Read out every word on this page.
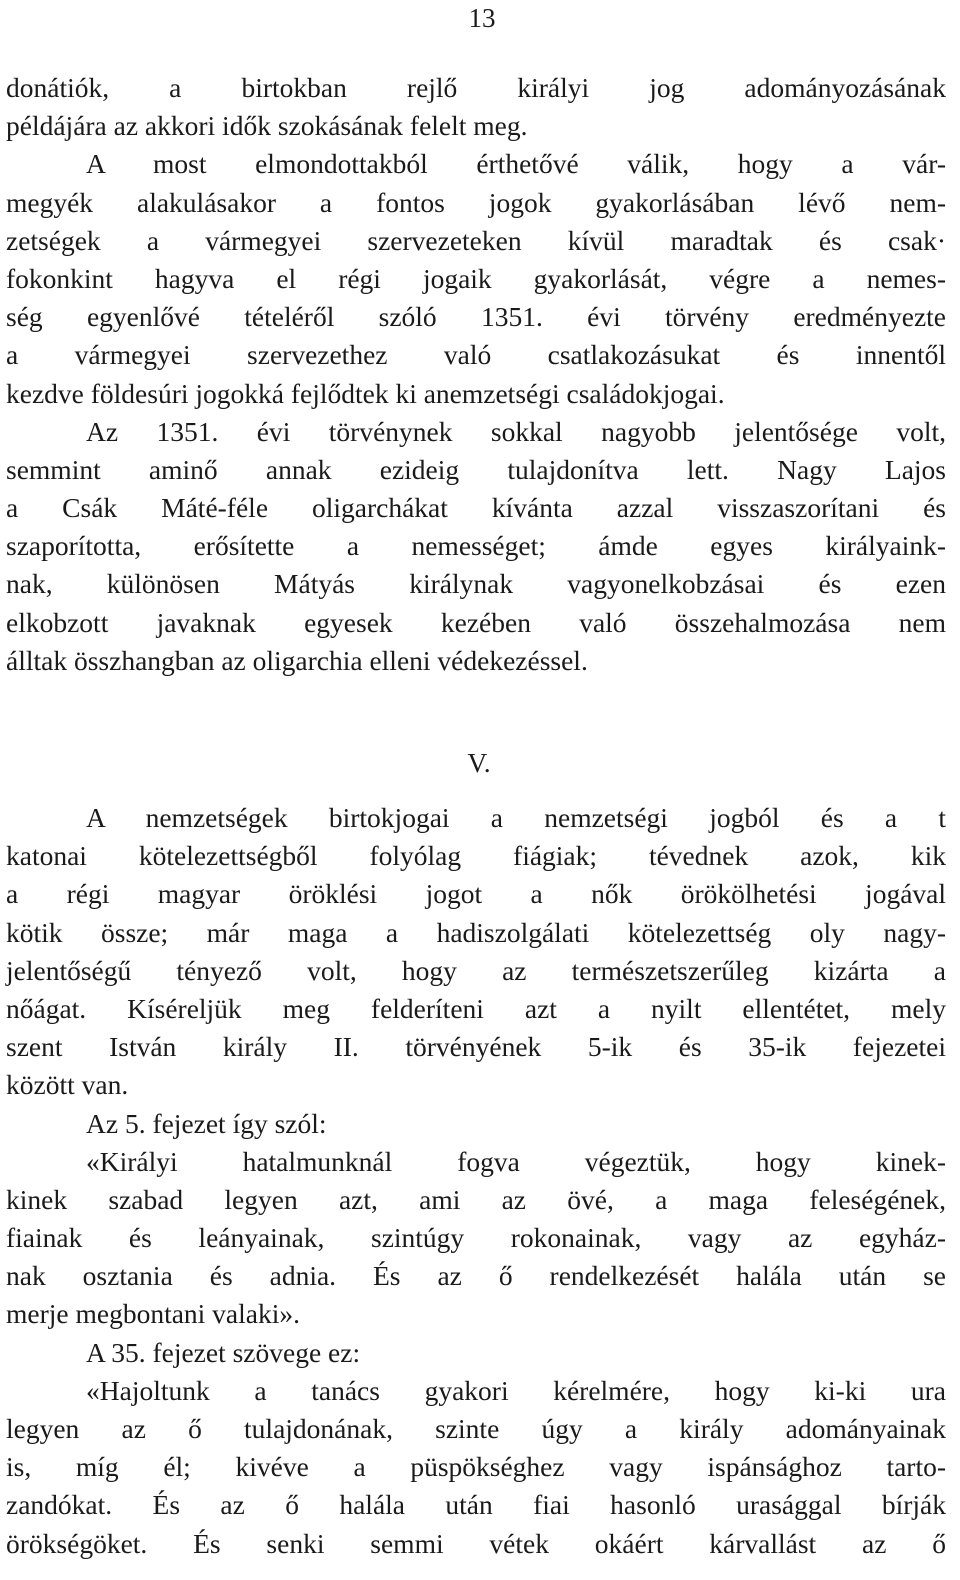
13
donátiók, a birtokban rejlő királyi jog adományozásának
példájára az akkori idők szokásának felelt meg.
A most elmondottakból érthetővé válik, hogy a vár-
megyék alakulásakor a fontos jogok gyakorlásában lévő nem-
zetségek a vármegyei szervezeteken kívül maradtak és csak·
fokonkint hagyva el régi jogaik gyakorlását, végre a nemes-
ség egyenlővé tételéről szóló 1351. évi törvény eredményezte
a vármegyei szervezethez való csatlakozásukat és innentől
kezdve földesúri jogokká fejlődtek ki anemzetségi családokjogai.
Az 1351. évi törvénynek sokkal nagyobb jelentősége volt,
semmint aminő annak ezideig tulajdonítva lett. Nagy Lajos
a Csák Máté-féle oligarchákat kívánta azzal visszaszorítani és
szaporította, erősítette a nemességet; ámde egyes királyaink-
nak, különösen Mátyás királynak vagyonelkobzásai és ezen
elkobzott javaknak egyesek kezében való összehalmozása nem
álltak összhangban az oligarchia elleni védekezéssel.
V.
A nemzetségek birtokjogai a nemzetségi jogból és a t
katonai kötelezettségből folyólag fiágiak; tévednek azok, kik
a régi magyar öröklési jogot a nők örökölhetési jogával
kötik össze; már maga a hadiszolgálati kötelezettség oly nagy-
jelentőségű tényező volt, hogy az természetszerűleg kizárta a
nőágat. Kíséreljük meg felderíteni azt a nyilt ellentétet, mely
szent István király II. törvényének 5-ik és 35-ik fejezetei
között van.
Az 5. fejezet így szól:
«Királyi hatalmunknál fogva végeztük, hogy kinek-
kinek szabad legyen azt, ami az övé, a maga feleségének,
fiainak és leányainak, szintúgy rokonainak, vagy az egyház-
nak osztania és adnia. És az ő rendelkezését halála után se
merje megbontani valaki».
A 35. fejezet szövege ez:
«Hajoltunk a tanács gyakori kérelmére, hogy ki-ki ura
legyen az ő tulajdonának, szinte úgy a király adományainak
is, míg él; kivéve a püspökséghez vagy ispánsághoz tarto-
zandókat. És az ő halála után fiai hasonló urasággal bírják
örökségöket. És senki semmi vétek okáért kárvallást az ő
